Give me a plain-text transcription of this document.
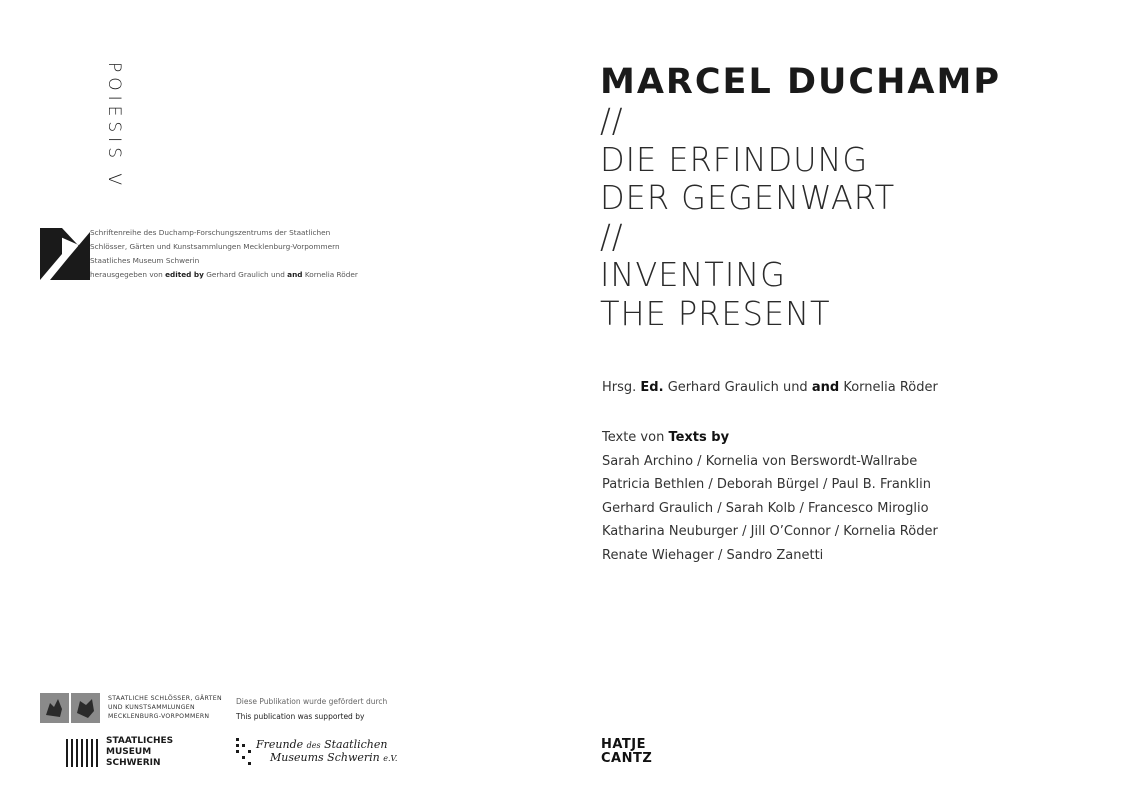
POIESIS V
Schriftenreihe des Duchamp-Forschungszentrums der Staatlichen
Schlösser, Gärten und Kunstsammlungen Mecklenburg-Vorpommern
Staatliches Museum Schwerin
herausgegeben von edited by Gerhard Graulich und and Kornelia Röder
STAATLICHE SCHLÖSSER, GÄRTEN
UND KUNSTSAMMLUNGEN
MECKLENBURG-VORPOMMERN
Diese Publikation wurde gefördert durch
This publication was supported by
STAATLICHES
MUSEUM
SCHWERIN
Freunde des Staatlichen
Museums Schwerin e.V.
MARCEL DUCHAMP
//
DIE ERFINDUNG
DER GEGENWART
//
INVENTING
THE PRESENT
Hrsg. Ed. Gerhard Graulich und and Kornelia Röder
Texte von Texts by
Sarah Archino / Kornelia von Berswordt-Wallrabe
Patricia Bethlen / Deborah Bürgel / Paul B. Franklin
Gerhard Graulich / Sarah Kolb / Francesco Miroglio
Katharina Neuburger / Jill O’Connor / Kornelia Röder
Renate Wiehager / Sandro Zanetti
HATJE
CANTZ
